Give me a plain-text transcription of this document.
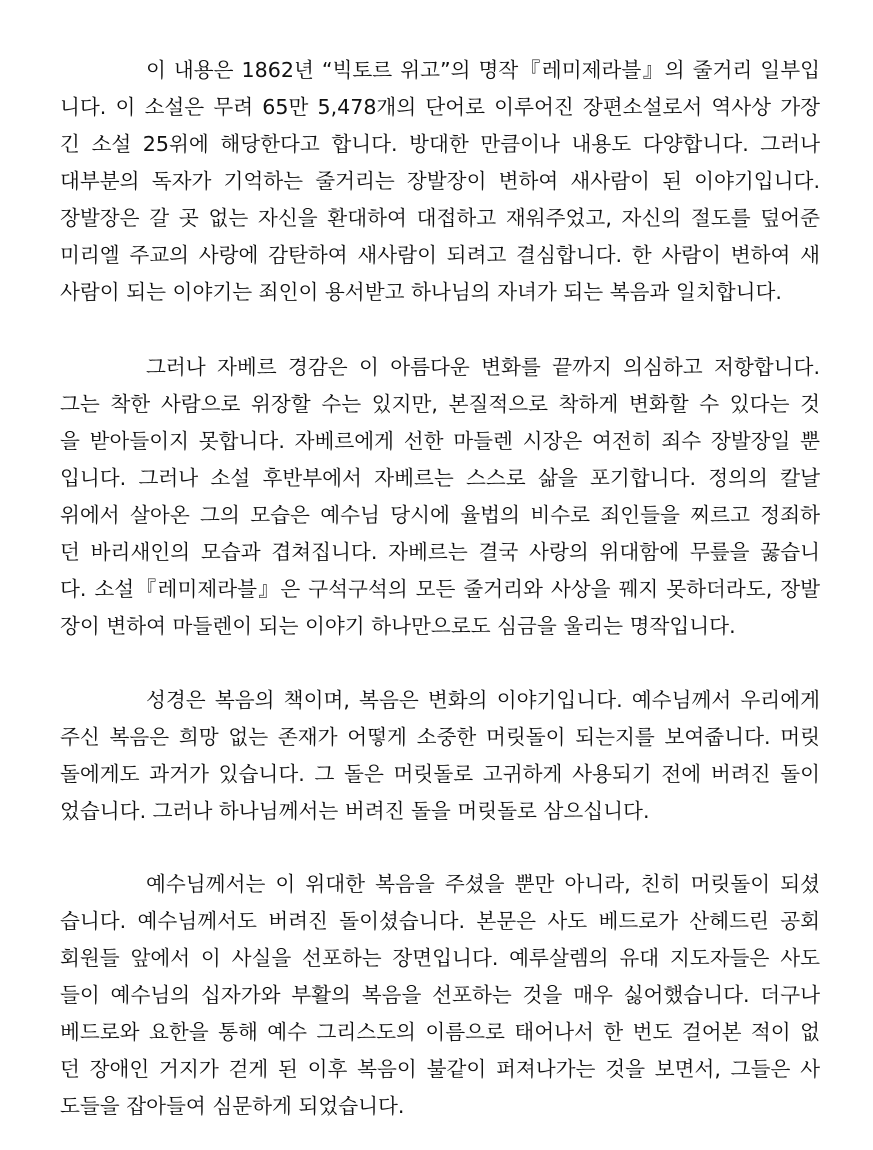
이 내용은 1862년 “빅토르 위고”의 명작『레미제라블』의 줄거리 일부입
니다. 이 소설은 무려 65만 5,478개의 단어로 이루어진 장편소설로서 역사상 가장
긴 소설 25위에 해당한다고 합니다. 방대한 만큼이나 내용도 다양합니다. 그러나
대부분의 독자가 기억하는 줄거리는 장발장이 변하여 새사람이 된 이야기입니다.
장발장은 갈 곳 없는 자신을 환대하여 대접하고 재워주었고, 자신의 절도를 덮어준
미리엘 주교의 사랑에 감탄하여 새사람이 되려고 결심합니다. 한 사람이 변하여 새
사람이 되는 이야기는 죄인이 용서받고 하나님의 자녀가 되는 복음과 일치합니다.

그러나 자베르 경감은 이 아름다운 변화를 끝까지 의심하고 저항합니다.
그는 착한 사람으로 위장할 수는 있지만, 본질적으로 착하게 변화할 수 있다는 것
을 받아들이지 못합니다. 자베르에게 선한 마들렌 시장은 여전히 죄수 장발장일 뿐
입니다. 그러나 소설 후반부에서 자베르는 스스로 삶을 포기합니다. 정의의 칼날
위에서 살아온 그의 모습은 예수님 당시에 율법의 비수로 죄인들을 찌르고 정죄하
던 바리새인의 모습과 겹쳐집니다. 자베르는 결국 사랑의 위대함에 무릎을 꿇습니
다. 소설『레미제라블』은 구석구석의 모든 줄거리와 사상을 꿰지 못하더라도, 장발
장이 변하여 마들렌이 되는 이야기 하나만으로도 심금을 울리는 명작입니다.

성경은 복음의 책이며, 복음은 변화의 이야기입니다. 예수님께서 우리에게
주신 복음은 희망 없는 존재가 어떻게 소중한 머릿돌이 되는지를 보여줍니다. 머릿
돌에게도 과거가 있습니다. 그 돌은 머릿돌로 고귀하게 사용되기 전에 버려진 돌이
었습니다. 그러나 하나님께서는 버려진 돌을 머릿돌로 삼으십니다.

예수님께서는 이 위대한 복음을 주셨을 뿐만 아니라, 친히 머릿돌이 되셨
습니다. 예수님께서도 버려진 돌이셨습니다. 본문은 사도 베드로가 산헤드린 공회
회원들 앞에서 이 사실을 선포하는 장면입니다. 예루살렘의 유대 지도자들은 사도
들이 예수님의 십자가와 부활의 복음을 선포하는 것을 매우 싫어했습니다. 더구나
베드로와 요한을 통해 예수 그리스도의 이름으로 태어나서 한 번도 걸어본 적이 없
던 장애인 거지가 걷게 된 이후 복음이 불같이 퍼져나가는 것을 보면서, 그들은 사
도들을 잡아들여 심문하게 되었습니다.
